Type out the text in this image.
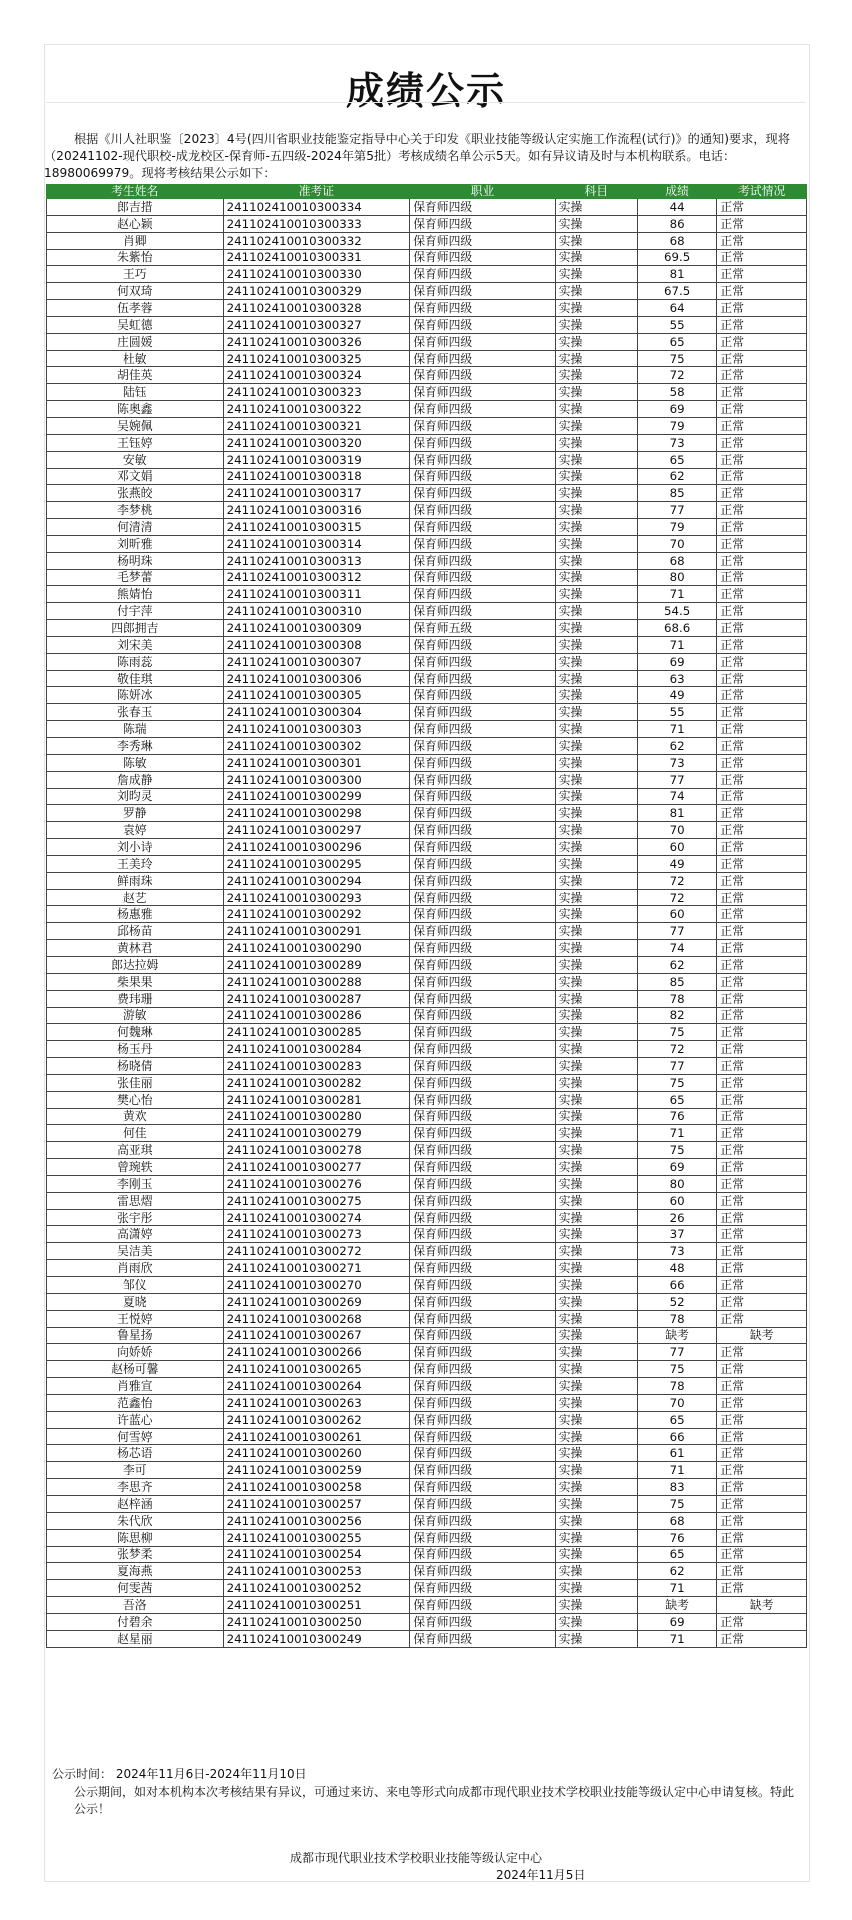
成绩公示
根据《川人社职鉴〔2023〕4号(四川省职业技能鉴定指导中心关于印发《职业技能等级认定实施工作流程(试行)》的通知)要求，现将（20241102-现代职校-成龙校区-保育师-五四级-2024年第5批）考核成绩名单公示5天。如有异议请及时与本机构联系。电话：18980069979。现将考核结果公示如下：
考生姓名	准考证	职业	科目	成绩	考试情况
郎吉措	241102410010300334	保育师四级	实操	44	正常
赵心颖	241102410010300333	保育师四级	实操	86	正常
肖卿	241102410010300332	保育师四级	实操	68	正常
朱紫怡	241102410010300331	保育师四级	实操	69.5	正常
王巧	241102410010300330	保育师四级	实操	81	正常
何双琦	241102410010300329	保育师四级	实操	67.5	正常
伍孝蓉	241102410010300328	保育师四级	实操	64	正常
吴虹德	241102410010300327	保育师四级	实操	55	正常
庄圆媛	241102410010300326	保育师四级	实操	65	正常
杜敏	241102410010300325	保育师四级	实操	75	正常
胡佳英	241102410010300324	保育师四级	实操	72	正常
陆钰	241102410010300323	保育师四级	实操	58	正常
陈奥鑫	241102410010300322	保育师四级	实操	69	正常
吴婉佩	241102410010300321	保育师四级	实操	79	正常
王钰婷	241102410010300320	保育师四级	实操	73	正常
安敏	241102410010300319	保育师四级	实操	65	正常
邓文娟	241102410010300318	保育师四级	实操	62	正常
张燕皎	241102410010300317	保育师四级	实操	85	正常
李梦桃	241102410010300316	保育师四级	实操	77	正常
何清清	241102410010300315	保育师四级	实操	79	正常
刘昕雅	241102410010300314	保育师四级	实操	70	正常
杨明珠	241102410010300313	保育师四级	实操	68	正常
毛梦蕾	241102410010300312	保育师四级	实操	80	正常
熊婧怡	241102410010300311	保育师四级	实操	71	正常
付宇萍	241102410010300310	保育师四级	实操	54.5	正常
四郎拥吉	241102410010300309	保育师五级	实操	68.6	正常
刘宋美	241102410010300308	保育师四级	实操	71	正常
陈雨蕊	241102410010300307	保育师四级	实操	69	正常
敬佳琪	241102410010300306	保育师四级	实操	63	正常
陈妍冰	241102410010300305	保育师四级	实操	49	正常
张春玉	241102410010300304	保育师四级	实操	55	正常
陈瑞	241102410010300303	保育师四级	实操	71	正常
李秀琳	241102410010300302	保育师四级	实操	62	正常
陈敏	241102410010300301	保育师四级	实操	73	正常
詹成静	241102410010300300	保育师四级	实操	77	正常
刘昀灵	241102410010300299	保育师四级	实操	74	正常
罗静	241102410010300298	保育师四级	实操	81	正常
袁婷	241102410010300297	保育师四级	实操	70	正常
刘小诗	241102410010300296	保育师四级	实操	60	正常
王美玲	241102410010300295	保育师四级	实操	49	正常
鲜雨珠	241102410010300294	保育师四级	实操	72	正常
赵艺	241102410010300293	保育师四级	实操	72	正常
杨惠雅	241102410010300292	保育师四级	实操	60	正常
邱杨苗	241102410010300291	保育师四级	实操	77	正常
黄林君	241102410010300290	保育师四级	实操	74	正常
郎达拉姆	241102410010300289	保育师四级	实操	62	正常
柴果果	241102410010300288	保育师四级	实操	85	正常
费玮珊	241102410010300287	保育师四级	实操	78	正常
游敏	241102410010300286	保育师四级	实操	82	正常
何魏琳	241102410010300285	保育师四级	实操	75	正常
杨玉丹	241102410010300284	保育师四级	实操	72	正常
杨晓倩	241102410010300283	保育师四级	实操	77	正常
张佳丽	241102410010300282	保育师四级	实操	75	正常
樊心怡	241102410010300281	保育师四级	实操	65	正常
黄欢	241102410010300280	保育师四级	实操	76	正常
何佳	241102410010300279	保育师四级	实操	71	正常
高亚琪	241102410010300278	保育师四级	实操	75	正常
曾琬轶	241102410010300277	保育师四级	实操	69	正常
李刚玉	241102410010300276	保育师四级	实操	80	正常
雷思熠	241102410010300275	保育师四级	实操	60	正常
张宇彤	241102410010300274	保育师四级	实操	26	正常
高潇婷	241102410010300273	保育师四级	实操	37	正常
吴洁美	241102410010300272	保育师四级	实操	73	正常
肖雨欣	241102410010300271	保育师四级	实操	48	正常
邹仪	241102410010300270	保育师四级	实操	66	正常
夏晓	241102410010300269	保育师四级	实操	52	正常
王悦婷	241102410010300268	保育师四级	实操	78	正常
鲁星扬	241102410010300267	保育师四级	实操	缺考	缺考
向娇娇	241102410010300266	保育师四级	实操	77	正常
赵杨可馨	241102410010300265	保育师四级	实操	75	正常
肖雅宣	241102410010300264	保育师四级	实操	78	正常
范鑫怡	241102410010300263	保育师四级	实操	70	正常
许蓝心	241102410010300262	保育师四级	实操	65	正常
何雪婷	241102410010300261	保育师四级	实操	66	正常
杨芯语	241102410010300260	保育师四级	实操	61	正常
李可	241102410010300259	保育师四级	实操	71	正常
李思齐	241102410010300258	保育师四级	实操	83	正常
赵梓涵	241102410010300257	保育师四级	实操	75	正常
朱代欣	241102410010300256	保育师四级	实操	68	正常
陈思柳	241102410010300255	保育师四级	实操	76	正常
张梦柔	241102410010300254	保育师四级	实操	65	正常
夏海燕	241102410010300253	保育师四级	实操	62	正常
何雯茜	241102410010300252	保育师四级	实操	71	正常
吾洛	241102410010300251	保育师四级	实操	缺考	缺考
付碧余	241102410010300250	保育师四级	实操	69	正常
赵星丽	241102410010300249	保育师四级	实操	71	正常
公示时间： 2024年11月6日-2024年11月10日
公示期间，如对本机构本次考核结果有异议，可通过来访、来电等形式向成都市现代职业技术学校职业技能等级认定中心申请复核。特此公示！
成都市现代职业技术学校职业技能等级认定中心
2024年11月5日
